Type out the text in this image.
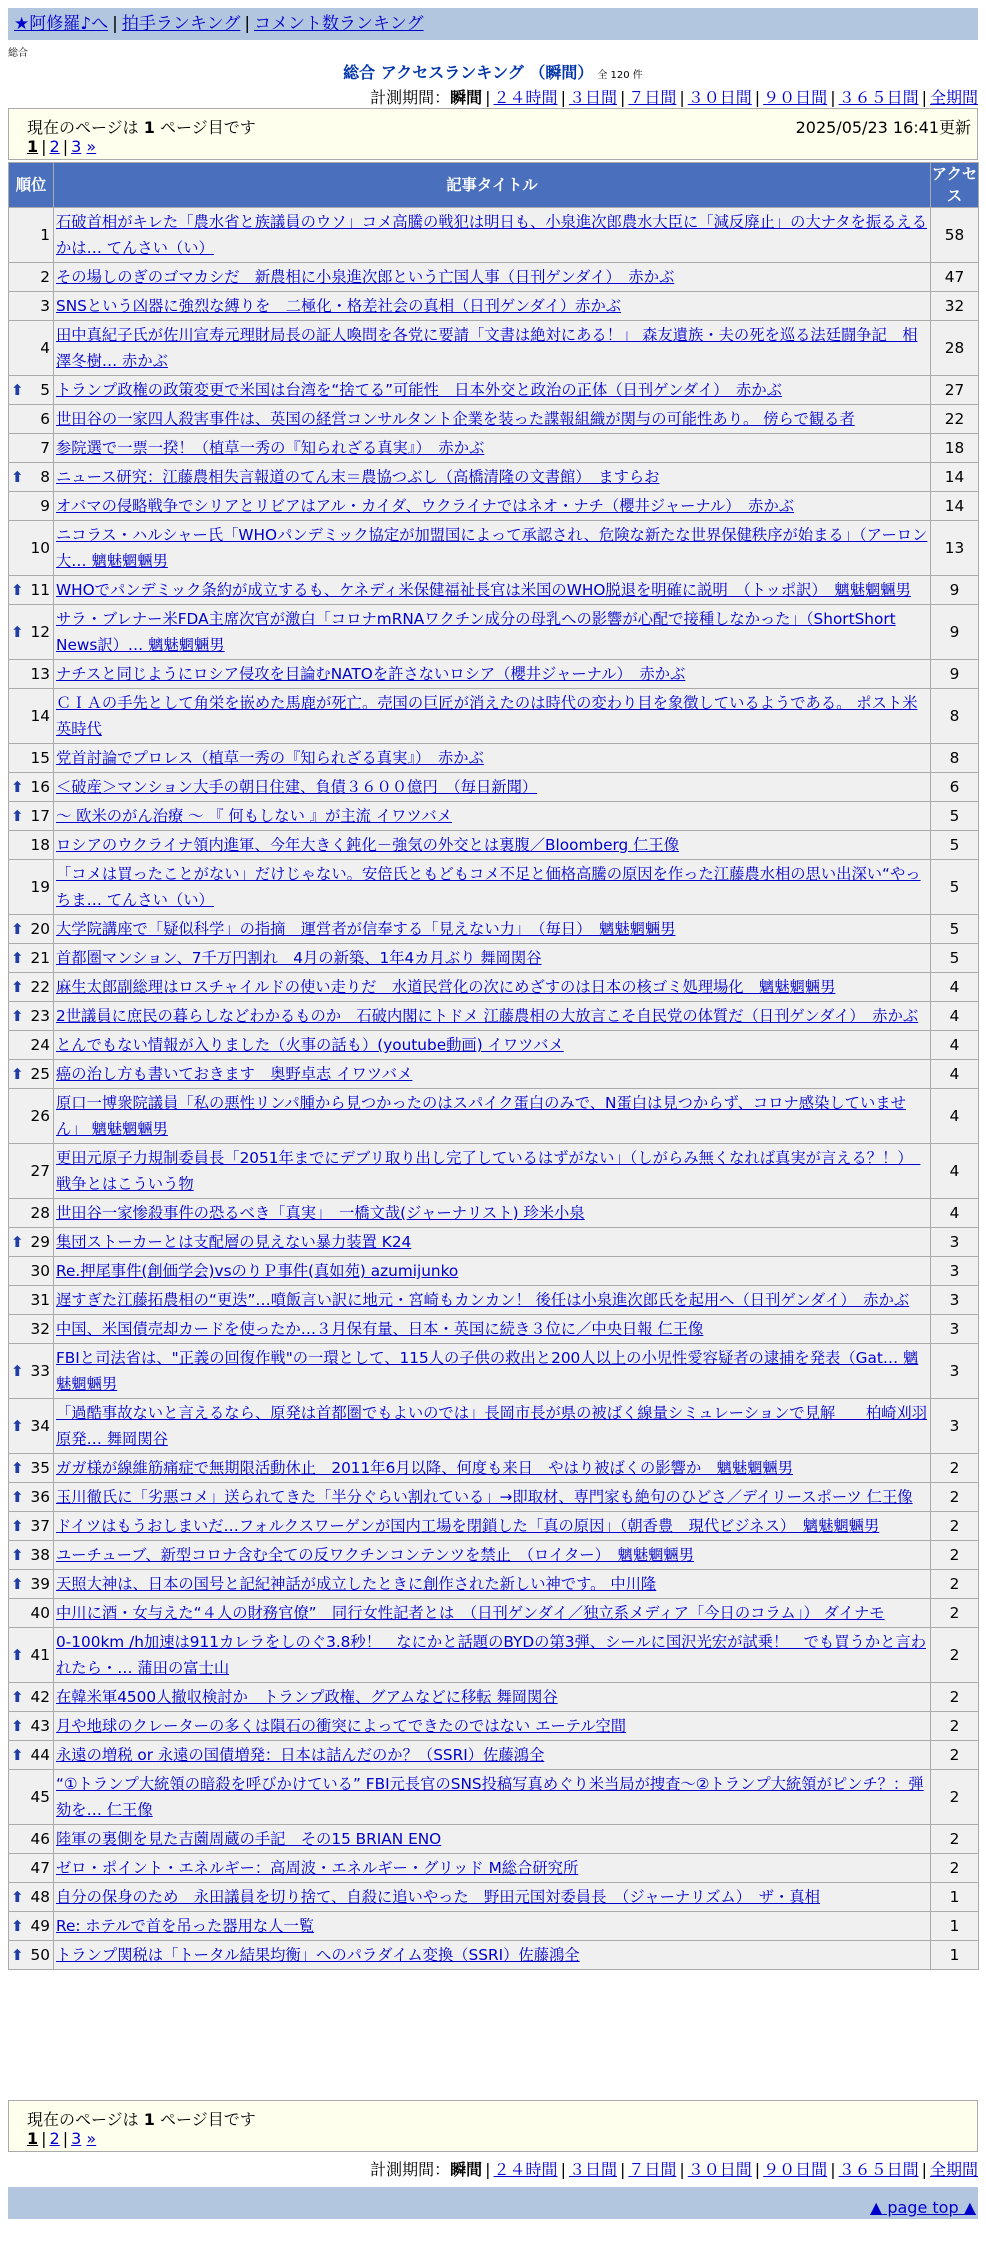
★阿修羅♪へ | 拍手ランキング | コメント数ランキング
総合
総合 アクセスランキング （瞬間） 全 120 件
計測期間：瞬間 | ２４時間 | ３日間 | ７日間 | ３０日間 | ９０日間 | ３６５日間 | 全期間
現在のページは 1 ページ目です	2025/05/23 16:41更新
1 | 2 | 3 »
順位	記事タイトル	アクセス
1	石破首相がキレた「農水省と族議員のウソ」コメ高騰の戦犯は明日も、小泉進次郎農水大臣に「減反廃止」の大ナタを振るえるかは… てんさい（い）	58
2	その場しのぎのゴマカシだ　新農相に小泉進次郎という亡国人事（日刊ゲンダイ）　赤かぶ	47
3	SNSという凶器に強烈な縛りを　二極化・格差社会の真相（日刊ゲンダイ）赤かぶ	32
4	田中真紀子氏が佐川宣寿元理財局長の証人喚問を各党に要請「文書は絶対にある！」 森友遺族・夫の死を巡る法廷闘争記　相澤冬樹… 赤かぶ	28

⬆ 5	トランプ政権の政策変更で米国は台湾を“捨てる”可能性　日本外交と政治の正体（日刊ゲンダイ）　赤かぶ	27
6	世田谷の一家四人殺害事件は、英国の経営コンサルタント企業を装った諜報組織が関与の可能性あり。 傍らで観る者	22
7	参院選で一票一揆！（植草一秀の『知られざる真実』）　赤かぶ	18

⬆ 8	ニュース研究：江藤農相失言報道のてん末＝農協つぶし（高橋清隆の文書館）　ますらお	14
9	オバマの侵略戦争でシリアとリビアはアル・カイダ、ウクライナではネオ・ナチ（櫻井ジャーナル）　赤かぶ	14
10	ニコラス・ハルシャー氏「WHOパンデミック協定が加盟国によって承認され、危険な新たな世界保健秩序が始まる」（アーロン大… 魑魅魍魎男	13

⬆ 11	WHOでパンデミック条約が成立するも、ケネディ米保健福祉長官は米国のWHO脱退を明確に説明　（トッポ訳）　魑魅魍魎男	9

⬆ 12	サラ・ブレナー米FDA主席次官が激白「コロナmRNAワクチン成分の母乳への影響が心配で接種しなかった」（ShortShort News訳）… 魑魅魍魎男	9
13	ナチスと同じようにロシア侵攻を目論むNATOを許さないロシア（櫻井ジャーナル）　赤かぶ	9
14	ＣＩＡの手先として角栄を嵌めた馬鹿が死亡。売国の巨匠が消えたのは時代の変わり目を象徴しているようである。 ポスト米英時代	8
15	党首討論でプロレス（植草一秀の『知られざる真実』）　赤かぶ	8

⬆ 16	＜破産＞マンション大手の朝日住建、負債３６００億円　（毎日新聞）	6

⬆ 17	～ 欧米のがん治療 ～ 『 何もしない 』が主流 イワツバメ	5
18	ロシアのウクライナ領内進軍、今年大きく鈍化－強気の外交とは裏腹／Bloomberg 仁王像	5
19	「コメは買ったことがない」だけじゃない。安倍氏ともどもコメ不足と価格高騰の原因を作った江藤農水相の思い出深い“やっちま… てんさい（い）	5

⬆ 20	大学院講座で「疑似科学」の指摘　運営者が信奉する「見えない力」　（毎日）　魑魅魍魎男	5

⬆ 21	首都圏マンション、7千万円割れ　4月の新築、1年4カ月ぶり 舞岡関谷	5

⬆ 22	麻生太郎副総理はロスチャイルドの使い走りだ　水道民営化の次にめざすのは日本の核ゴミ処理場化　魑魅魍魎男	4

⬆ 23	2世議員に庶民の暮らしなどわかるものか　石破内閣にトドメ 江藤農相の大放言こそ自民党の体質だ（日刊ゲンダイ）　赤かぶ	4
24	とんでもない情報が入りました（火事の話も）(youtube動画) イワツバメ	4

⬆ 25	癌の治し方も書いておきます　奥野卓志 イワツバメ	4
26	原口一博衆院議員「私の悪性リンパ腫から見つかったのはスパイク蛋白のみで、N蛋白は見つからず、コロナ感染していません」 魑魅魍魎男	4
27	更田元原子力規制委員長「2051年までにデブリ取り出し完了しているはずがない」（しがらみ無くなれば真実が言える？！）　戦争とはこういう物	4
28	世田谷一家惨殺事件の恐るべき「真実」　一橋文哉(ジャーナリスト) 珍米小泉	4

⬆ 29	集団ストーカーとは支配層の見えない暴力装置 K24	3
30	Re.押尾事件(創価学会)vsのりＰ事件(真如苑) azumijunko	3
31	遅すぎた江藤拓農相の“更迭”…噴飯言い訳に地元・宮崎もカンカン！ 後任は小泉進次郎氏を起用へ（日刊ゲンダイ）　赤かぶ	3
32	中国、米国債売却カードを使ったか…３月保有量、日本・英国に続き３位に／中央日報 仁王像	3

⬆ 33	FBIと司法省は、"正義の回復作戦"の一環として、115人の子供の救出と200人以上の小児性愛容疑者の逮捕を発表（Gat… 魑魅魍魎男	3

⬆ 34	「過酷事故ないと言えるなら、原発は首都圏でもよいのでは」長岡市長が県の被ばく線量シミュレーションで見解　　柏崎刈羽原発… 舞岡関谷	3

⬆ 35	ガガ様が線維筋痛症で無期限活動休止　2011年6月以降、何度も来日　やはり被ばくの影響か　魑魅魍魎男	2

⬆ 36	玉川徹氏に「劣悪コメ」送られてきた「半分ぐらい割れている」→即取材、専門家も絶句のひどさ／デイリースポーツ 仁王像	2

⬆ 37	ドイツはもうおしまいだ…フォルクスワーゲンが国内工場を閉鎖した「真の原因」（朝香豊　現代ビジネス）　魑魅魍魎男	2

⬆ 38	ユーチューブ、新型コロナ含む全ての反ワクチンコンテンツを禁止　（ロイター）　魑魅魍魎男	2

⬆ 39	天照大神は、日本の国号と記紀神話が成立したときに創作された新しい神です。 中川隆	2
40	中川に酒・女与えた“４人の財務官僚”　同行女性記者とは　（日刊ゲンダイ／独立系メディア「今日のコラム」） ダイナモ	2

⬆ 41	0-100km /h加速は911カレラをしのぐ3.8秒！　なにかと話題のBYDの第3弾、シールに国沢光宏が試乗！　でも買うかと言われたら・… 蒲田の富士山	2

⬆ 42	在韓米軍4500人撤収検討か　トランプ政権、グアムなどに移転 舞岡関谷	2

⬆ 43	月や地球のクレーターの多くは隕石の衝突によってできたのではない エーテル空間	2

⬆ 44	永遠の増税 or 永遠の国債増発：日本は詰んだのか？（SSRI）佐藤鴻全	2
45	“①トランプ大統領の暗殺を呼びかけている” FBI元長官のSNS投稿写真めぐり米当局が捜査～②トランプ大統領がピンチ？：弾劾を… 仁王像	2
46	陸軍の裏側を見た吉薗周蔵の手記　その15 BRIAN ENO	2
47	ゼロ・ポイント・エネルギー：高周波・エネルギー・グリッド M総合研究所	2

⬆ 48	自分の保身のため　永田議員を切り捨て、自殺に追いやった　野田元国対委員長　（ジャーナリズム）　ザ・真相	1

⬆ 49	Re: ホテルで首を吊った器用な人一覧	1

⬆ 50	トランプ関税は「トータル結果均衡」へのパラダイム変換（SSRI）佐藤鴻全	1
現在のページは 1 ページ目です
1 | 2 | 3 »
計測期間：瞬間 | ２４時間 | ３日間 | ７日間 | ３０日間 | ９０日間 | ３６５日間 | 全期間
▲ page top ▲
